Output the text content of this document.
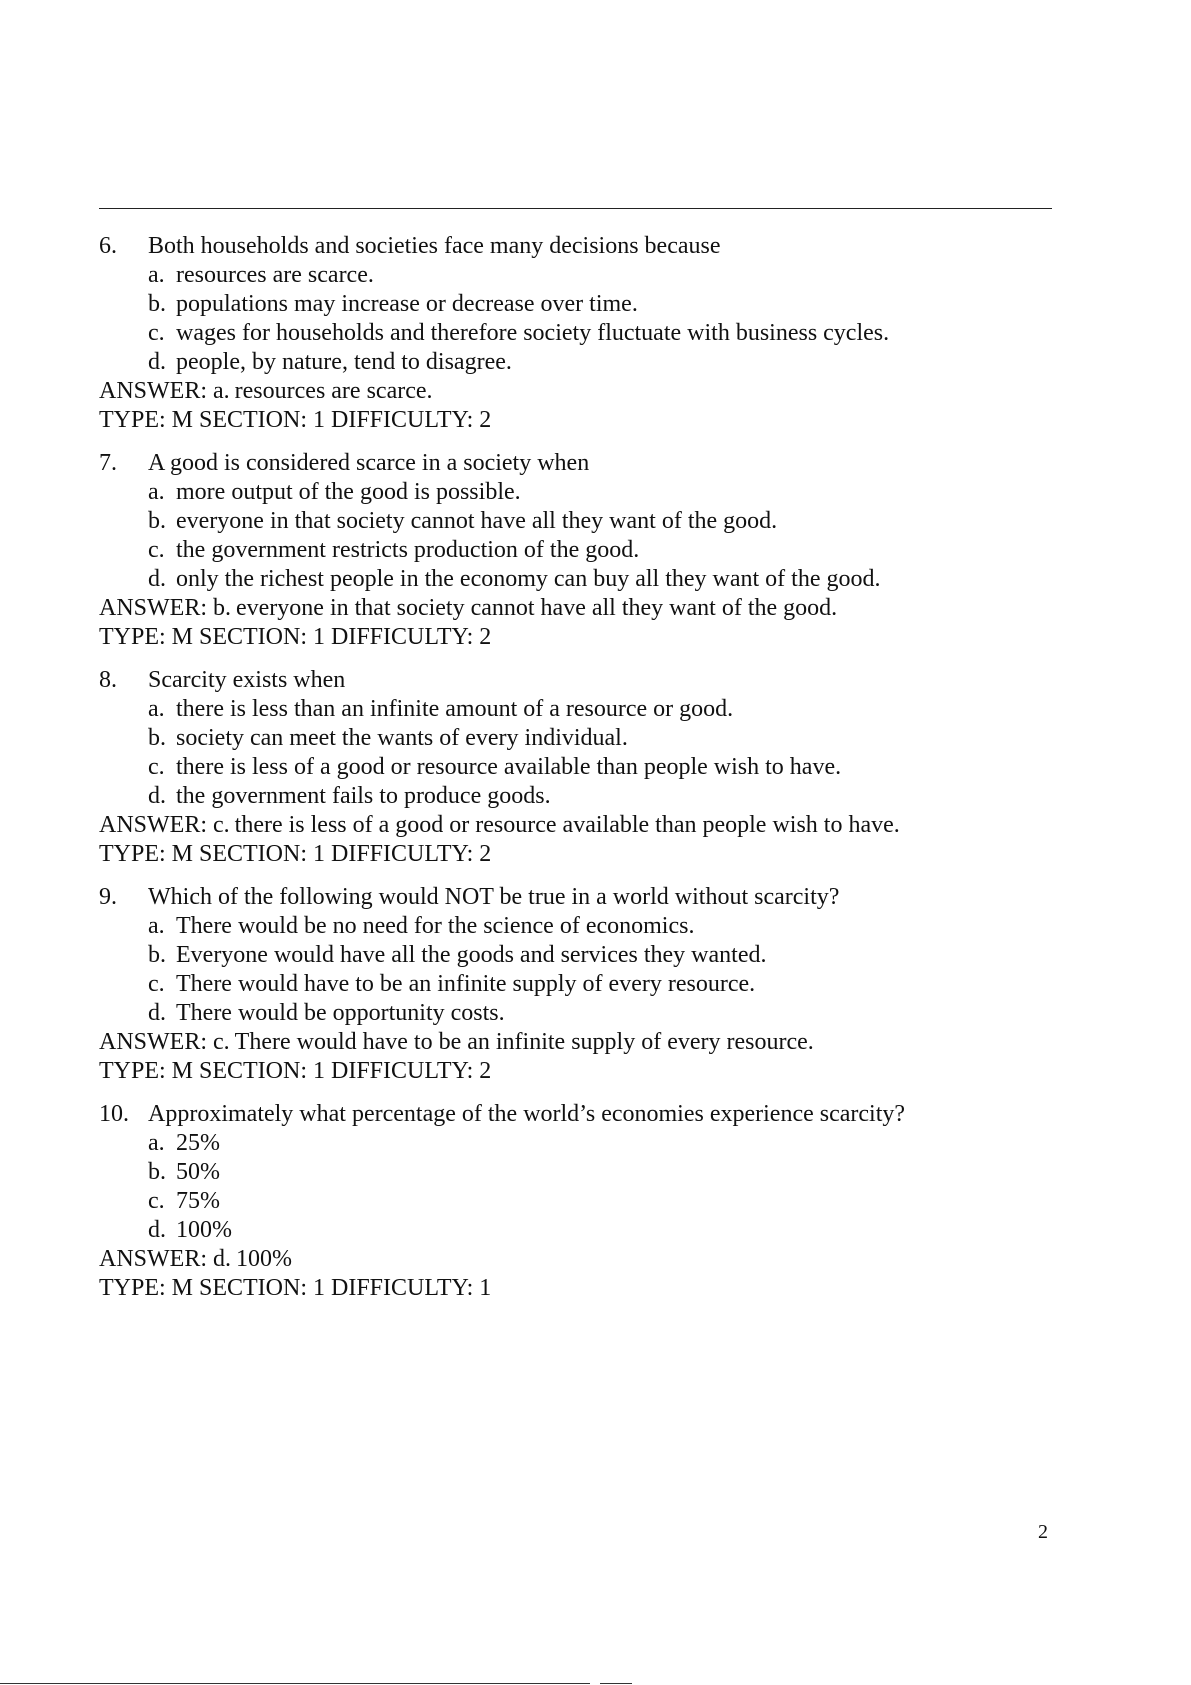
6. Both households and societies face many decisions because
a. resources are scarce.
b. populations may increase or decrease over time.
c. wages for households and therefore society fluctuate with business cycles.
d. people, by nature, tend to disagree.
ANSWER: a. resources are scarce.
TYPE: M SECTION: 1 DIFFICULTY: 2
7. A good is considered scarce in a society when
a. more output of the good is possible.
b. everyone in that society cannot have all they want of the good.
c. the government restricts production of the good.
d. only the richest people in the economy can buy all they want of the good.
ANSWER: b. everyone in that society cannot have all they want of the good.
TYPE: M SECTION: 1 DIFFICULTY: 2
8. Scarcity exists when
a. there is less than an infinite amount of a resource or good.
b. society can meet the wants of every individual.
c. there is less of a good or resource available than people wish to have.
d. the government fails to produce goods.
ANSWER: c. there is less of a good or resource available than people wish to have.
TYPE: M SECTION: 1 DIFFICULTY: 2
9. Which of the following would NOT be true in a world without scarcity?
a. There would be no need for the science of economics.
b. Everyone would have all the goods and services they wanted.
c. There would have to be an infinite supply of every resource.
d. There would be opportunity costs.
ANSWER: c. There would have to be an infinite supply of every resource.
TYPE: M SECTION: 1 DIFFICULTY: 2
10. Approximately what percentage of the world’s economies experience scarcity?
a. 25%
b. 50%
c. 75%
d. 100%
ANSWER: d. 100%
TYPE: M SECTION: 1 DIFFICULTY: 1
2
